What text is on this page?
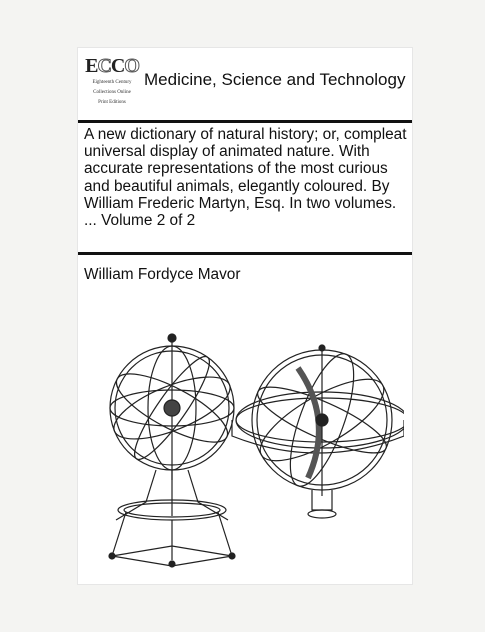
ECCO
Eighteenth Century
Collections Online
Print Editions
Medicine, Science and Technology
A new dictionary of natural history; or, compleat universal display of animated nature. With accurate representations of the most curious and beautiful animals, elegantly coloured. By William Frederic Martyn, Esq. In two volumes. ... Volume 2 of 2
William Fordyce Mavor
